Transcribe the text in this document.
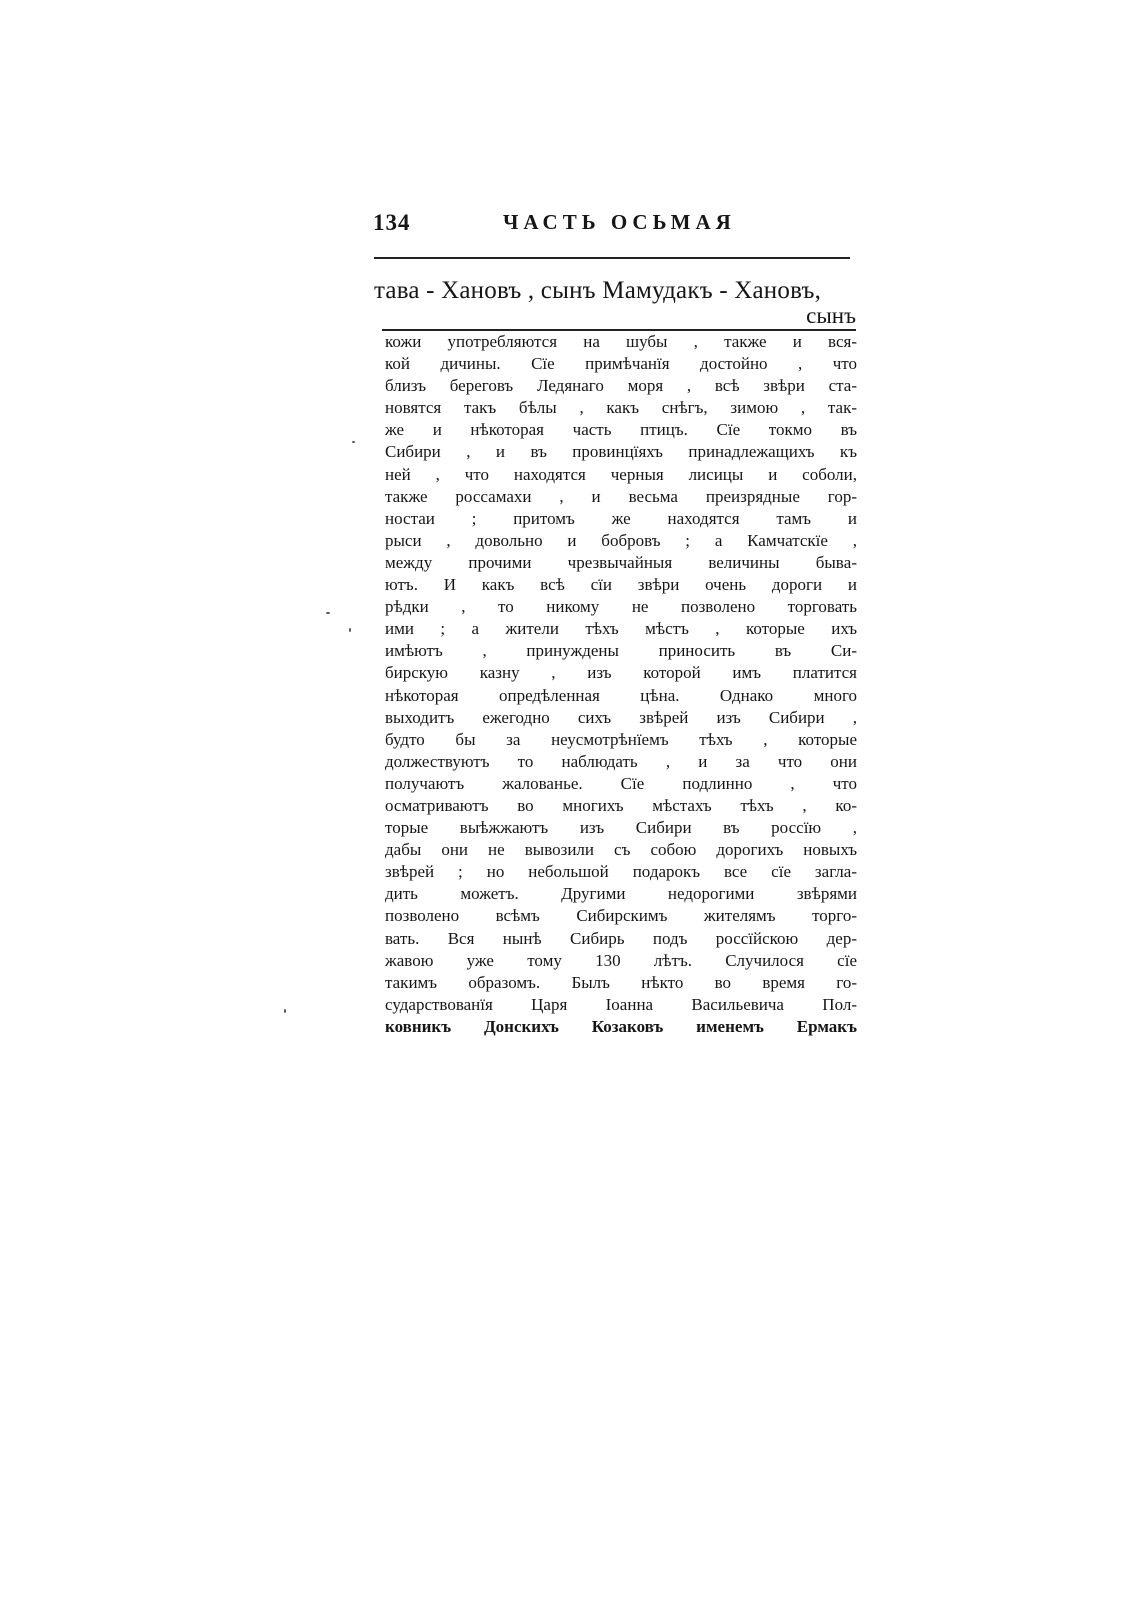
134	ЧАСТЬ ОСЬМАЯ
тава - Хановъ , сынъ Мамудакъ - Хановъ,
сынъ
кожи употребляются на шубы , также и вся-
кой дичины. Сїе примѣчанїя достойно , что
близъ береговъ Ледянаго моря , всѣ звѣри ста-
новятся такъ бѣлы , какъ снѣгъ, зимою , так-
же и нѣкоторая часть птицъ. Сїе токмо въ
Сибири , и въ провинцїяхъ принадлежащихъ къ
ней , что находятся черныя лисицы и соболи,
также россамахи , и весьма преизрядные гор-
ностаи ; притомъ же находятся тамъ и
рыси , довольно и бобровъ ; а Камчатскїе ,
между прочими чрезвычайныя величины бывa-
ютъ. И какъ всѣ сїи звѣри очень дороги и
рѣдки , то никому не позволено торговать
ими ; а жители тѣхъ мѣстъ , которые ихъ
имѣютъ , принуждены приносить въ Си-
бирскую казну , изъ которой имъ платится
нѣкоторая опредѣленная цѣна. Однако много
выходитъ ежегодно сихъ звѣрей изъ Сибири ,
будто бы за неусмотрѣнїемъ тѣхъ , которые
должествуютъ то наблюдать , и за что они
получаютъ жалованье. Сїе подлинно , что
осматриваютъ во многихъ мѣстахъ тѣхъ , ко-
торые выѣжжаютъ изъ Сибири въ россїю ,
дабы они не вывозили съ собою дорогихъ новыхъ
звѣрей ; но небольшой подарокъ все сїе загла-
дить можетъ. Другими недорогими звѣрями
позволено всѣмъ Сибирскимъ жителямъ торго-
вать. Вся нынѣ Сибирь подъ россїйскою дер-
жавою уже тому 130 лѣтъ. Случилося сїе
такимъ образомъ. Былъ нѣкто во время го-
сударствованїя Царя Іоанна Васильевича Пол-
ковникъ Донскихъ Козаковъ именемъ Ермакъ
